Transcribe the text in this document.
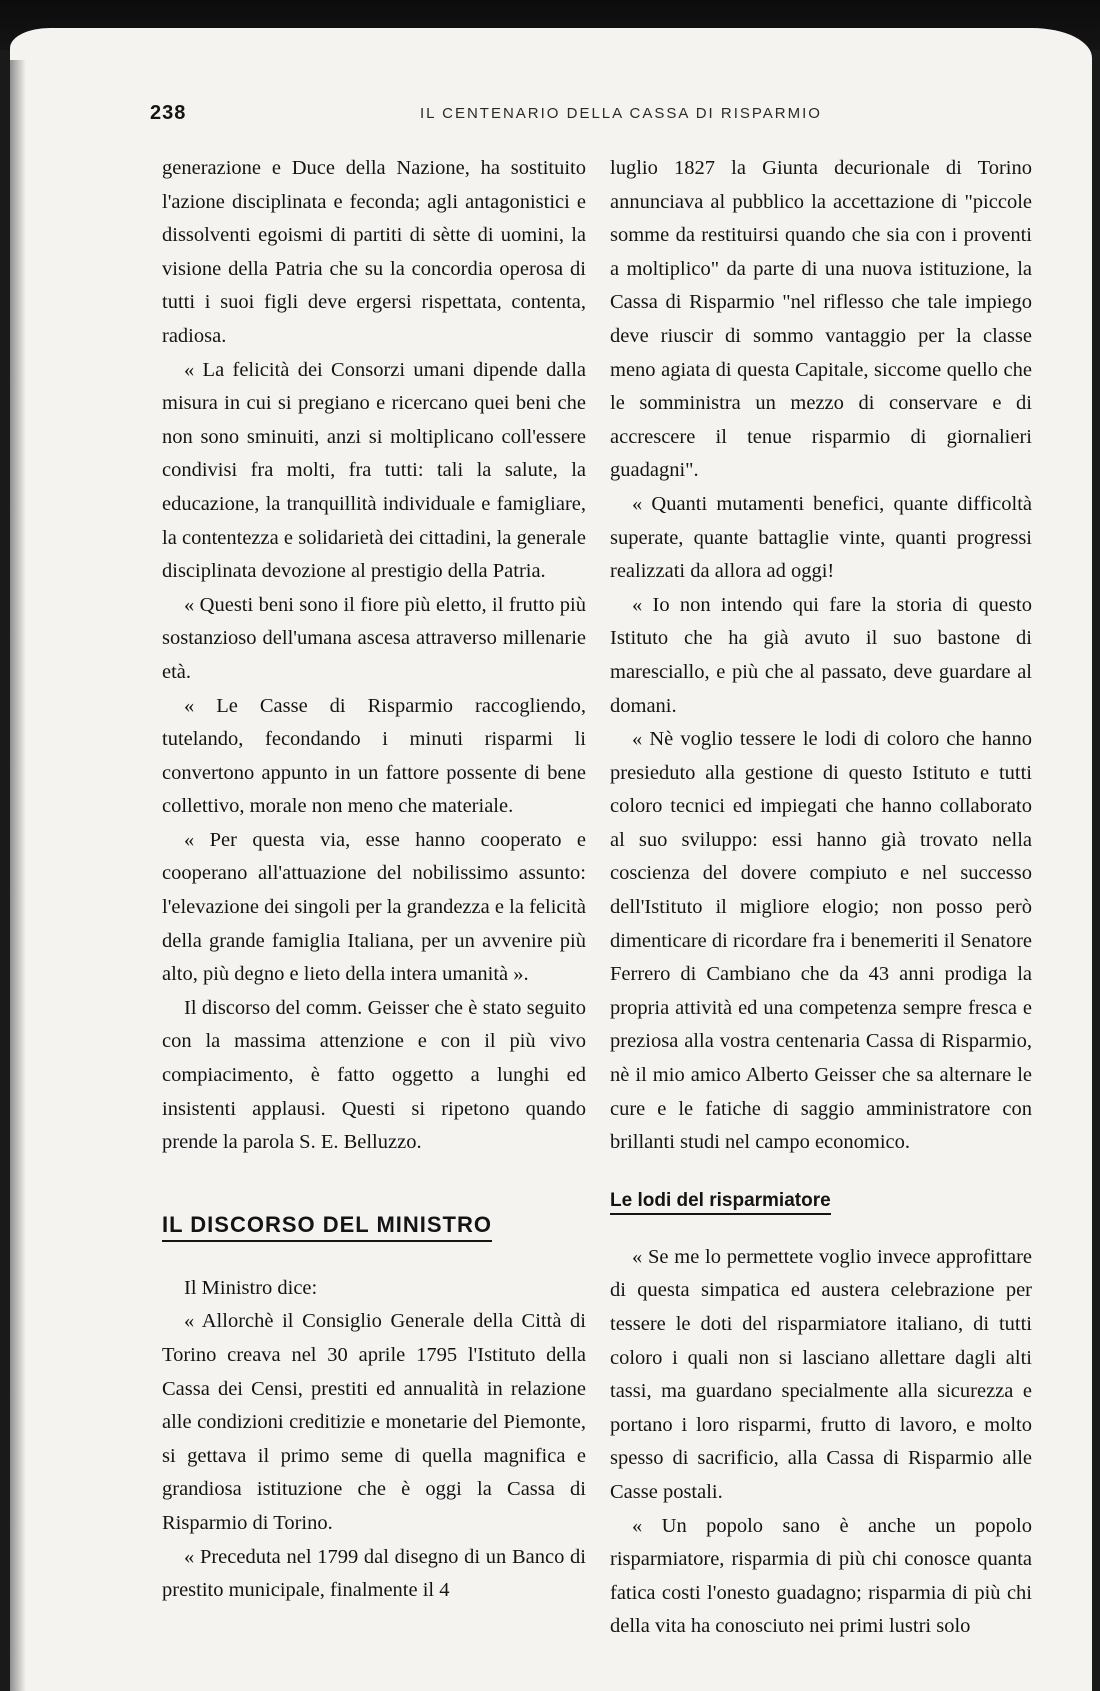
238	IL CENTENARIO DELLA CASSA DI RISPARMIO

generazione e Duce della Nazione, ha sostituito l'azione disciplinata e feconda; agli antagonistici e dissolventi egoismi di partiti di sètte di uomini, la visione della Patria che su la concordia operosa di tutti i suoi figli deve ergersi rispettata, contenta, radiosa.

« La felicità dei Consorzi umani dipende dalla misura in cui si pregiano e ricercano quei beni che non sono sminuiti, anzi si moltiplicano coll'essere condivisi fra molti, fra tutti: tali la salute, la educazione, la tranquillità individuale e famigliare, la contentezza e solidarietà dei cittadini, la generale disciplinata devozione al prestigio della Patria.

« Questi beni sono il fiore più eletto, il frutto più sostanzioso dell'umana ascesa attraverso millenarie età.

« Le Casse di Risparmio raccogliendo, tutelando, fecondando i minuti risparmi li convertono appunto in un fattore possente di bene collettivo, morale non meno che materiale.

« Per questa via, esse hanno cooperato e cooperano all'attuazione del nobilissimo assunto: l'elevazione dei singoli per la grandezza e la felicità della grande famiglia Italiana, per un avvenire più alto, più degno e lieto della intera umanità ».

Il discorso del comm. Geisser che è stato seguito con la massima attenzione e con il più vivo compiacimento, è fatto oggetto a lunghi ed insistenti applausi. Questi si ripetono quando prende la parola S. E. Belluzzo.

IL DISCORSO DEL MINISTRO

Il Ministro dice:

« Allorchè il Consiglio Generale della Città di Torino creava nel 30 aprile 1795 l'Istituto della Cassa dei Censi, prestiti ed annualità in relazione alle condizioni creditizie e monetarie del Piemonte, si gettava il primo seme di quella magnifica e grandiosa istituzione che è oggi la Cassa di Risparmio di Torino.

« Preceduta nel 1799 dal disegno di un Banco di prestito municipale, finalmente il 4

luglio 1827 la Giunta decurionale di Torino annunciava al pubblico la accettazione di "piccole somme da restituirsi quando che sia con i proventi a moltiplico" da parte di una nuova istituzione, la Cassa di Risparmio "nel riflesso che tale impiego deve riuscir di sommo vantaggio per la classe meno agiata di questa Capitale, siccome quello che le somministra un mezzo di conservare e di accrescere il tenue risparmio di giornalieri guadagni".

« Quanti mutamenti benefici, quante difficoltà superate, quante battaglie vinte, quanti progressi realizzati da allora ad oggi!

« Io non intendo qui fare la storia di questo Istituto che ha già avuto il suo bastone di maresciallo, e più che al passato, deve guardare al domani.

« Nè voglio tessere le lodi di coloro che hanno presieduto alla gestione di questo Istituto e tutti coloro tecnici ed impiegati che hanno collaborato al suo sviluppo: essi hanno già trovato nella coscienza del dovere compiuto e nel successo dell'Istituto il migliore elogio; non posso però dimenticare di ricordare fra i benemeriti il Senatore Ferrero di Cambiano che da 43 anni prodiga la propria attività ed una competenza sempre fresca e preziosa alla vostra centenaria Cassa di Risparmio, nè il mio amico Alberto Geisser che sa alternare le cure e le fatiche di saggio amministratore con brillanti studi nel campo economico.

Le lodi del risparmiatore

« Se me lo permettete voglio invece approfittare di questa simpatica ed austera celebrazione per tessere le doti del risparmiatore italiano, di tutti coloro i quali non si lasciano allettare dagli alti tassi, ma guardano specialmente alla sicurezza e portano i loro risparmi, frutto di lavoro, e molto spesso di sacrificio, alla Cassa di Risparmio alle Casse postali.

« Un popolo sano è anche un popolo risparmiatore, risparmia di più chi conosce quanta fatica costi l'onesto guadagno; risparmia di più chi della vita ha conosciuto nei primi lustri solo
